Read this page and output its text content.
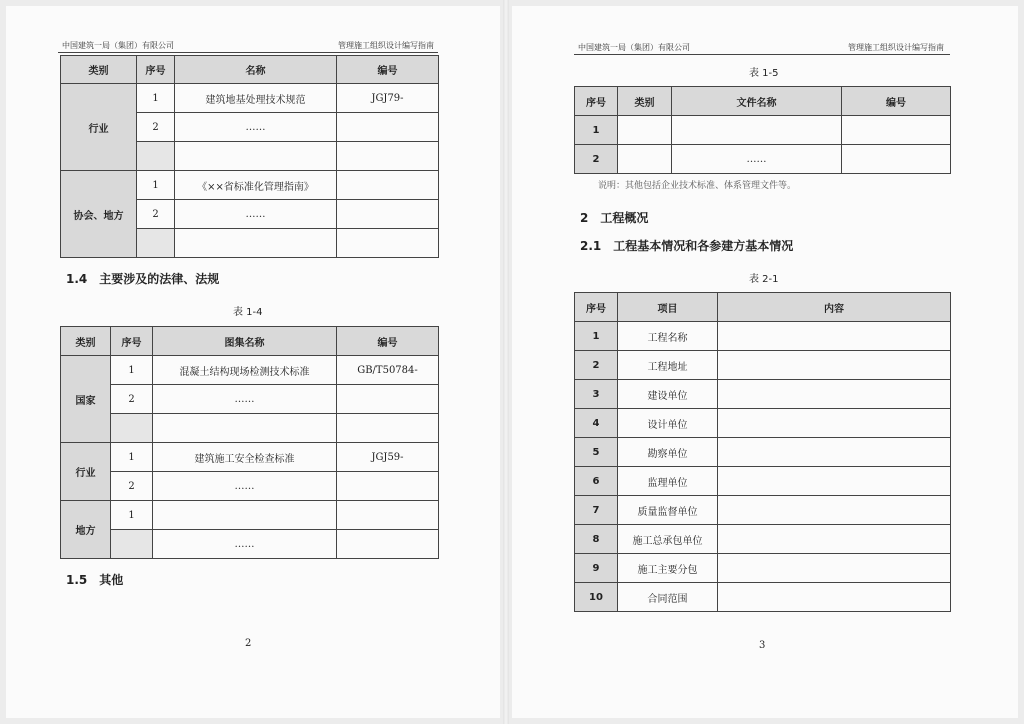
中国建筑一局（集团）有限公司	管理施工组织设计编写指南
类别	序号	名称	编号
行业	1	建筑地基处理技术规范	JGJ79-
	2	……	

协会、地方	1	《××省标准化管理指南》	
	2	……	

1.4　主要涉及的法律、法规
表 1-4
类别	序号	图集名称	编号
国家	1	混凝土结构现场检测技术标准	GB/T50784-
	2	……	

行业	1	建筑施工安全检查标准	JGJ59-
	2	……	
地方	1		
		……	
1.5　其他
2
中国建筑一局（集团）有限公司	管理施工组织设计编写指南
表 1-5
序号	类别	文件名称	编号
1			
2		……	
说明：其他包括企业技术标准、体系管理文件等。
2　工程概况
2.1　工程基本情况和各参建方基本情况
表 2-1
序号	项目	内容
1	工程名称	
2	工程地址	
3	建设单位	
4	设计单位	
5	勘察单位	
6	监理单位	
7	质量监督单位	
8	施工总承包单位	
9	施工主要分包	
10	合同范围	
3
